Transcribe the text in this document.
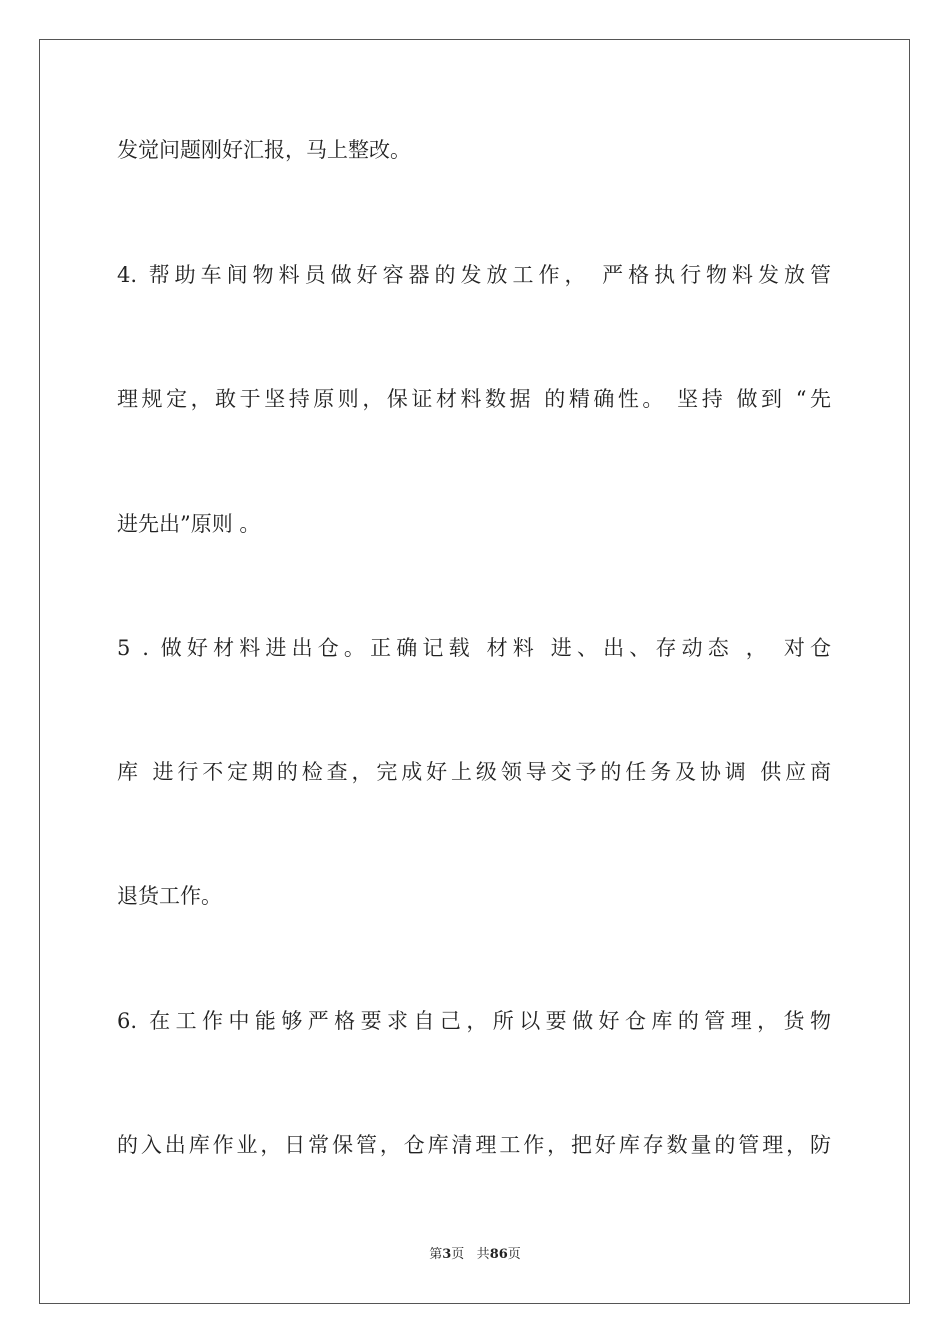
发觉问题刚好汇报，马上整改。
4. 帮助车间物料员做好容器的发放工作， 严格执行物料发放管
理规定，敢于坚持原则，保证材料数据 的精确性。 坚持 做到 “先
进先出”原则 。
5 . 做好材料进出仓。正确记载 材料 进、出、存动态 ， 对仓
库 进行不定期的检查，完成好上级领导交予的任务及协调 供应商
退货工作。
6. 在工作中能够严格要求自己，所以要做好仓库的管理，货物
的入出库作业，日常保管，仓库清理工作，把好库存数量的管理，防
第3页 共86页
